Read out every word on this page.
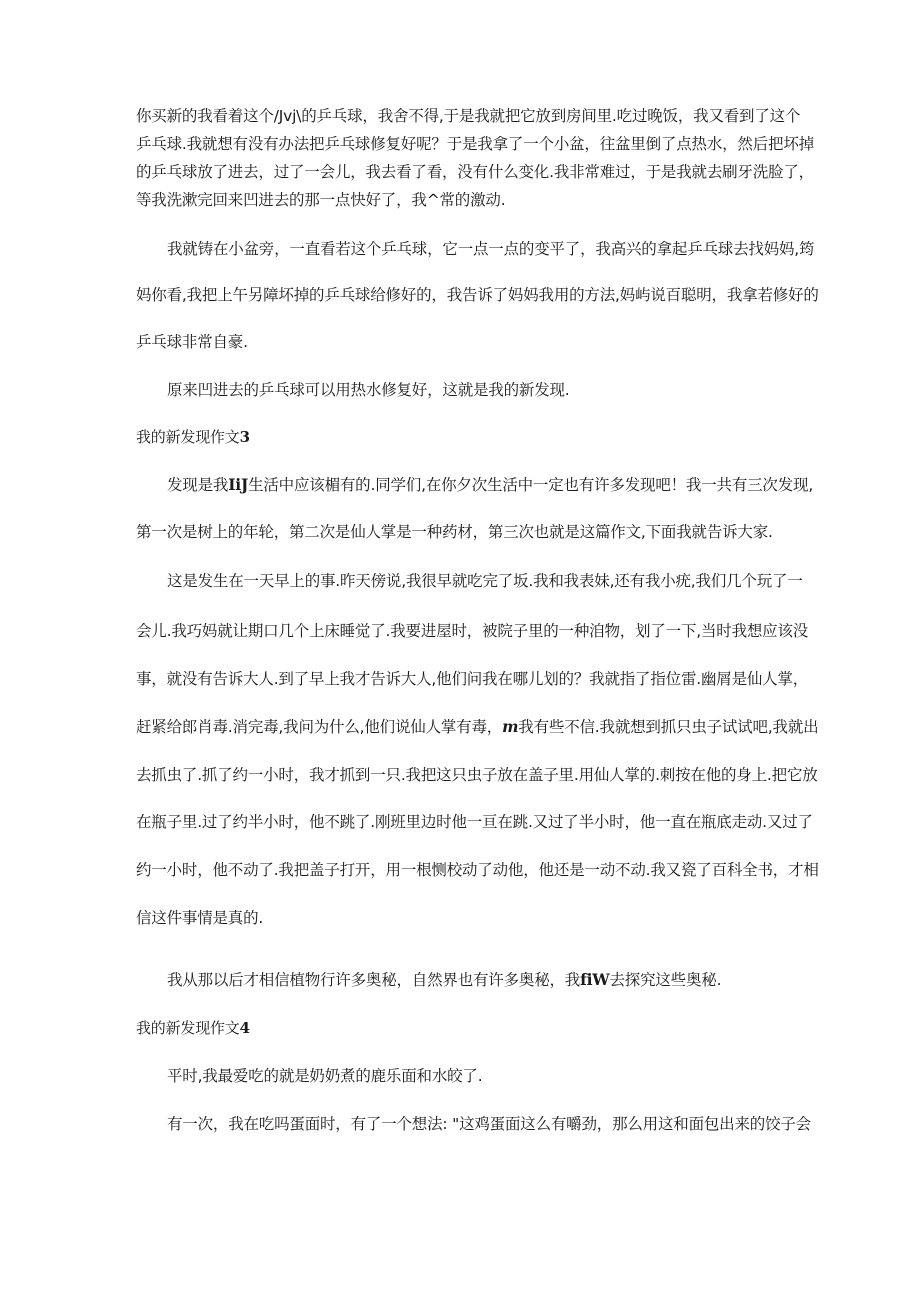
你买新的我看着这个/Jvj\的乒乓球，我舍不得,于是我就把它放到房间里.吃过晚饭，我又看到了这个
乒乓球.我就想有没有办法把乒乓球修复好呢？于是我拿了一个小盆，往盆里倒了点热水，然后把坏掉
的乒乓球放了进去，过了一会儿，我去看了看，没有什么变化.我非常难过，于是我就去刷牙洗脸了，
等我洗漱完回来凹进去的那一点快好了，我^常的激动.
我就铸在小盆旁，一直看若这个乒乓球，它一点一点的变平了，我高兴的拿起乒乓球去找妈妈,筠
妈你看,我把上午另障坏掉的乒乓球给修好的，我告诉了妈妈我用的方法,妈屿说百聪明，我拿若修好的
乒乓球非常自豪.
原来凹进去的乒乓球可以用热水修复好，这就是我的新发现.
我的新发现作文3
发现是我IiJ生活中应该楣有的.同学们,在你夕次生活中一定也有许多发现吧！我一共有三次发现,
第一次是树上的年轮，第二次是仙人掌是一种药材，第三次也就是这篇作文,下面我就告诉大家.
这是发生在一天早上的事.昨天傍说,我很早就吃完了坂.我和我表妹,还有我小疣,我们几个玩了一
会儿.我巧妈就让期口几个上床睡觉了.我要进屋时，被院子里的一种洎物，划了一下,当时我想应该没
事，就没有告诉大人.到了早上我才告诉大人,他们问我在哪儿划的？我就指了指位雷.幽屑是仙人掌，
赶紧给郎肖毒.消完毒,我问为什么,他们说仙人掌有毒，m我有些不信.我就想到抓只虫子试试吧,我就出
去抓虫了.抓了约一小时，我才抓到一只.我把这只虫子放在盖子里.用仙人掌的.刺按在他的身上.把它放
在瓶子里.过了约半小时，他不跳了.刚班里边时他一亘在跳.又过了半小时，他一直在瓶底走动.又过了
约一小时，他不动了.我把盖子打开，用一根恻校动了动他，他还是一动不动.我又瓷了百科全书，才相
信这件事情是真的.
我从那以后才相信植物行许多奥秘，自然界也有许多奥秘，我fiW去探究这些奥秘.
我的新发现作文4
平时,我最爱吃的就是奶奶煮的鹿乐面和水皎了.
有一次，我在吃吗蛋面时，有了一个想法: "这鸡蛋面这么有嚼劲，那么用这和面包出来的饺子会
